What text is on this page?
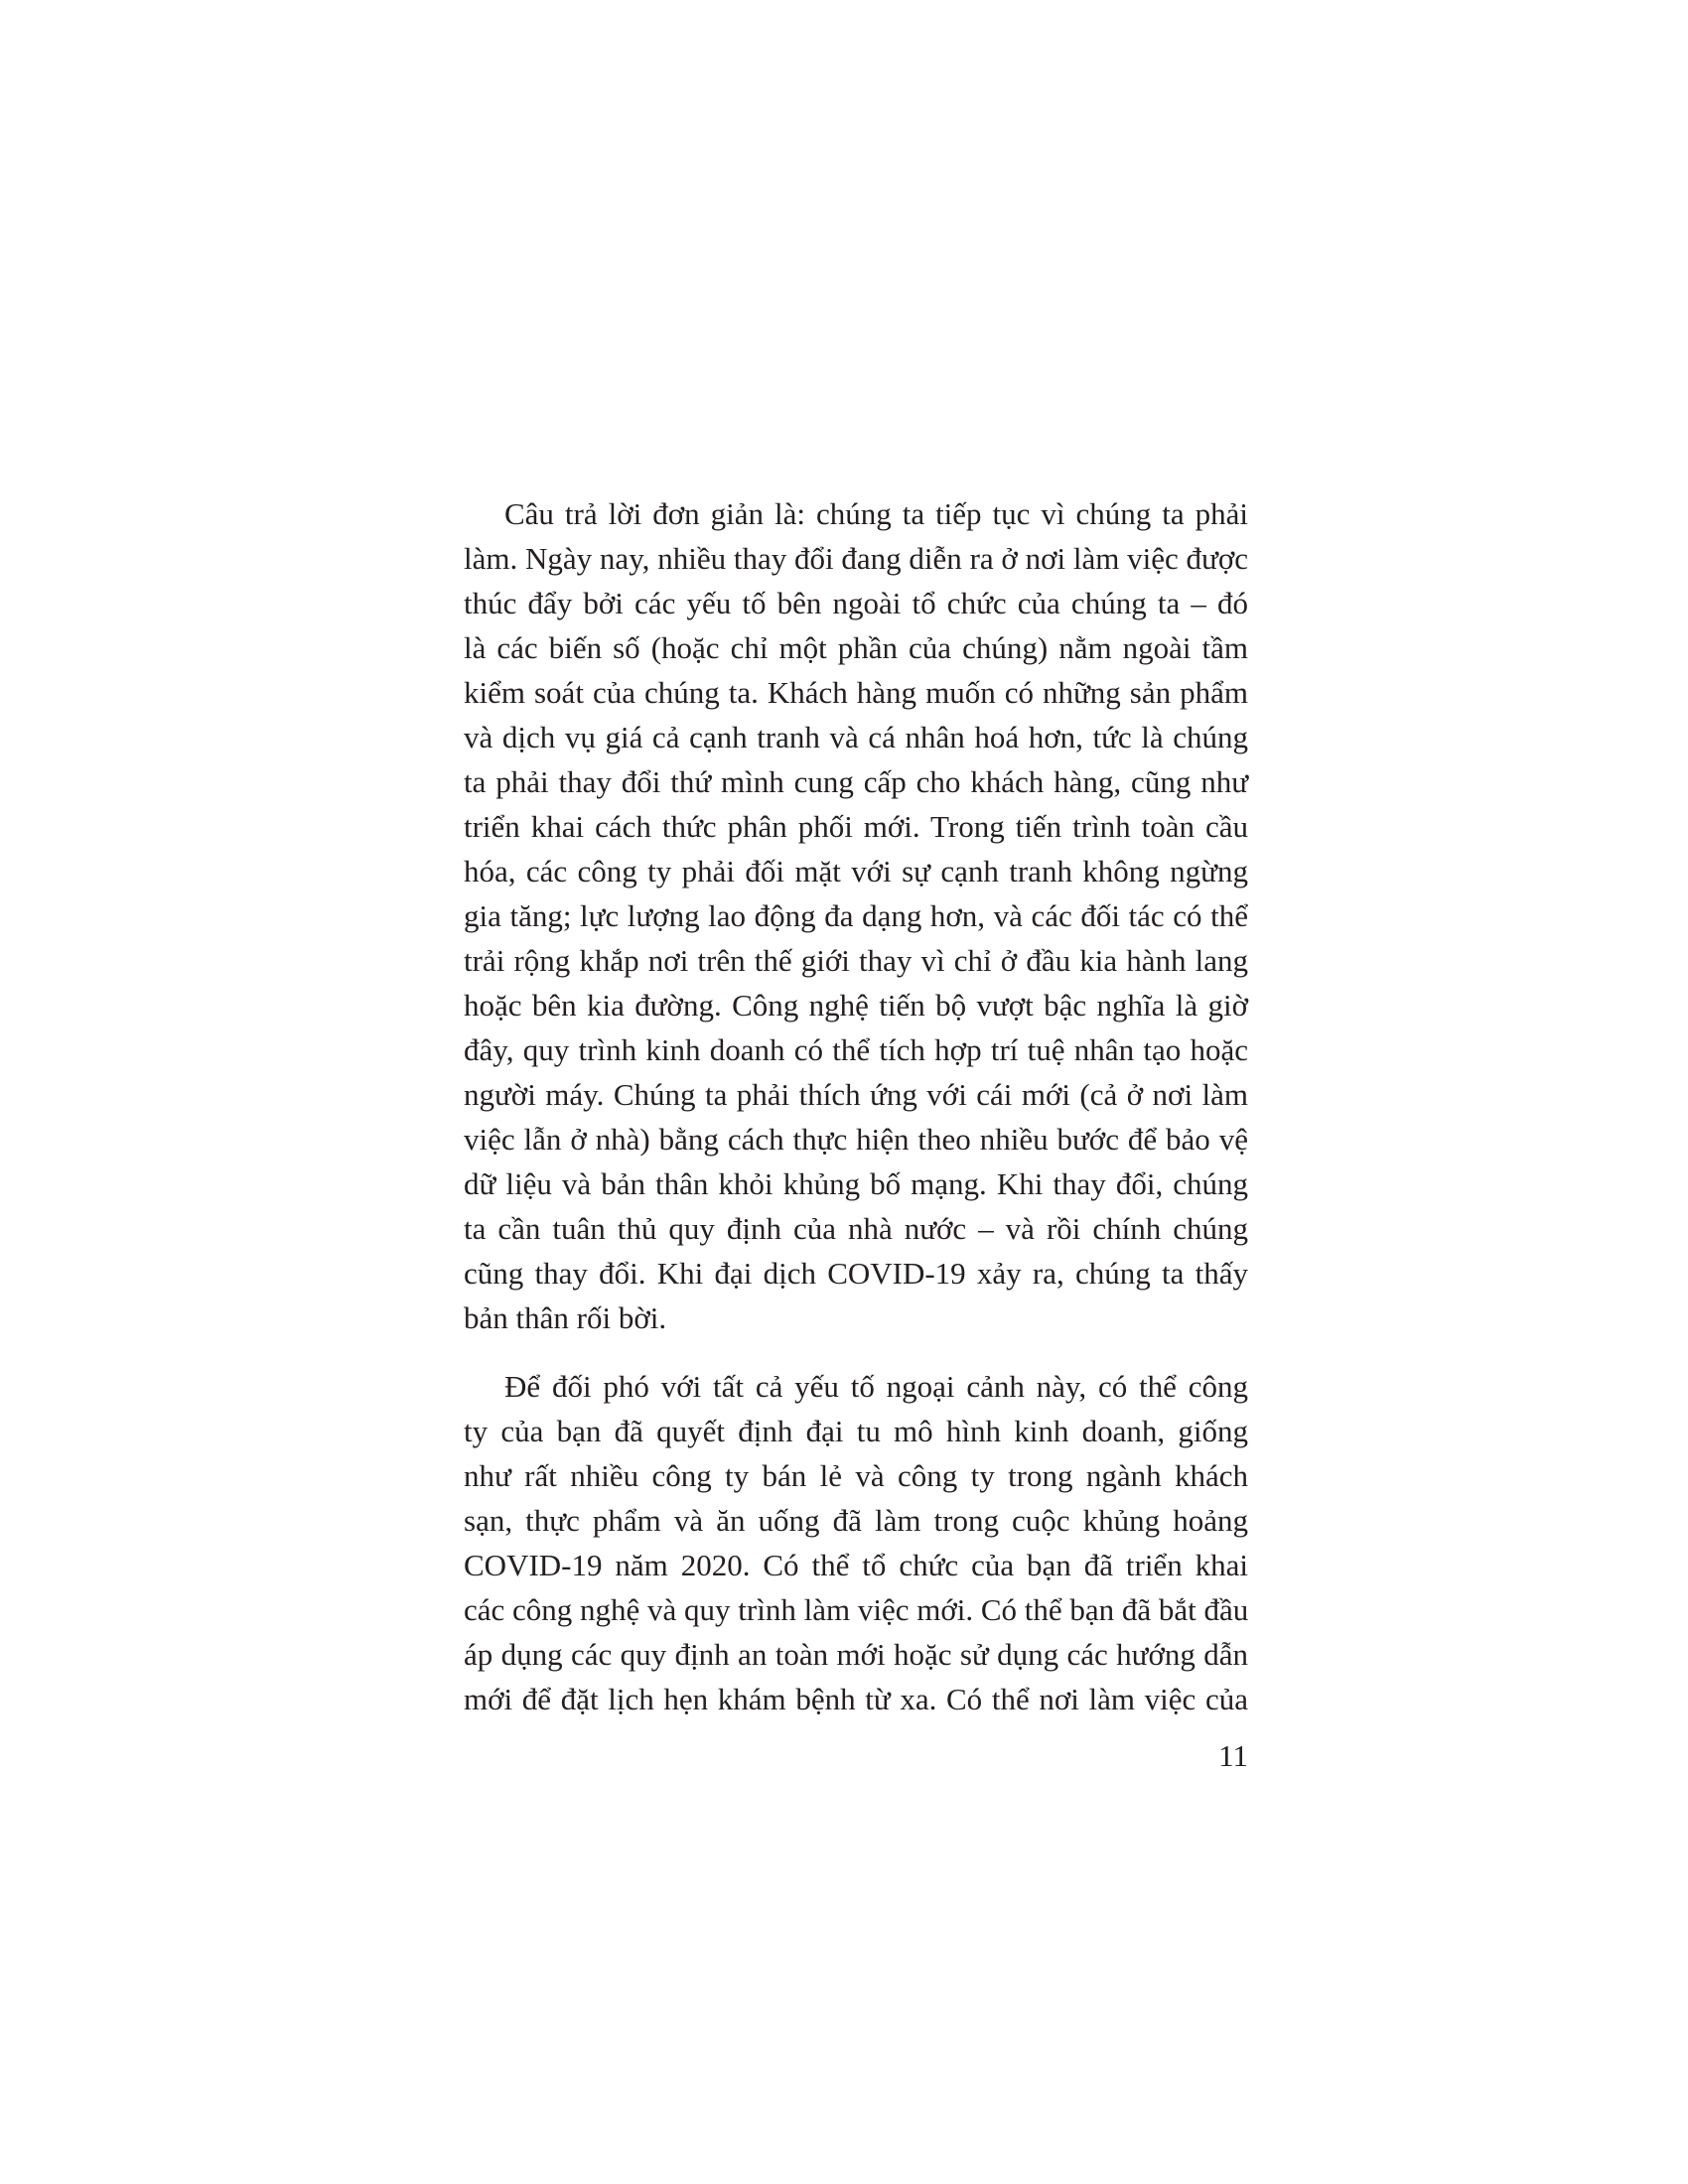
Câu trả lời đơn giản là: chúng ta tiếp tục vì chúng ta phải
làm. Ngày nay, nhiều thay đổi đang diễn ra ở nơi làm việc được
thúc đẩy bởi các yếu tố bên ngoài tổ chức của chúng ta – đó
là các biến số (hoặc chỉ một phần của chúng) nằm ngoài tầm
kiểm soát của chúng ta. Khách hàng muốn có những sản phẩm
và dịch vụ giá cả cạnh tranh và cá nhân hoá hơn, tức là chúng
ta phải thay đổi thứ mình cung cấp cho khách hàng, cũng như
triển khai cách thức phân phối mới. Trong tiến trình toàn cầu
hóa, các công ty phải đối mặt với sự cạnh tranh không ngừng
gia tăng; lực lượng lao động đa dạng hơn, và các đối tác có thể
trải rộng khắp nơi trên thế giới thay vì chỉ ở đầu kia hành lang
hoặc bên kia đường. Công nghệ tiến bộ vượt bậc nghĩa là giờ
đây, quy trình kinh doanh có thể tích hợp trí tuệ nhân tạo hoặc
người máy. Chúng ta phải thích ứng với cái mới (cả ở nơi làm
việc lẫn ở nhà) bằng cách thực hiện theo nhiều bước để bảo vệ
dữ liệu và bản thân khỏi khủng bố mạng. Khi thay đổi, chúng
ta cần tuân thủ quy định của nhà nước – và rồi chính chúng
cũng thay đổi. Khi đại dịch COVID-19 xảy ra, chúng ta thấy
bản thân rối bời.
Để đối phó với tất cả yếu tố ngoại cảnh này, có thể công
ty của bạn đã quyết định đại tu mô hình kinh doanh, giống
như rất nhiều công ty bán lẻ và công ty trong ngành khách
sạn, thực phẩm và ăn uống đã làm trong cuộc khủng hoảng
COVID-19 năm 2020. Có thể tổ chức của bạn đã triển khai
các công nghệ và quy trình làm việc mới. Có thể bạn đã bắt đầu
áp dụng các quy định an toàn mới hoặc sử dụng các hướng dẫn
mới để đặt lịch hẹn khám bệnh từ xa. Có thể nơi làm việc của
11
